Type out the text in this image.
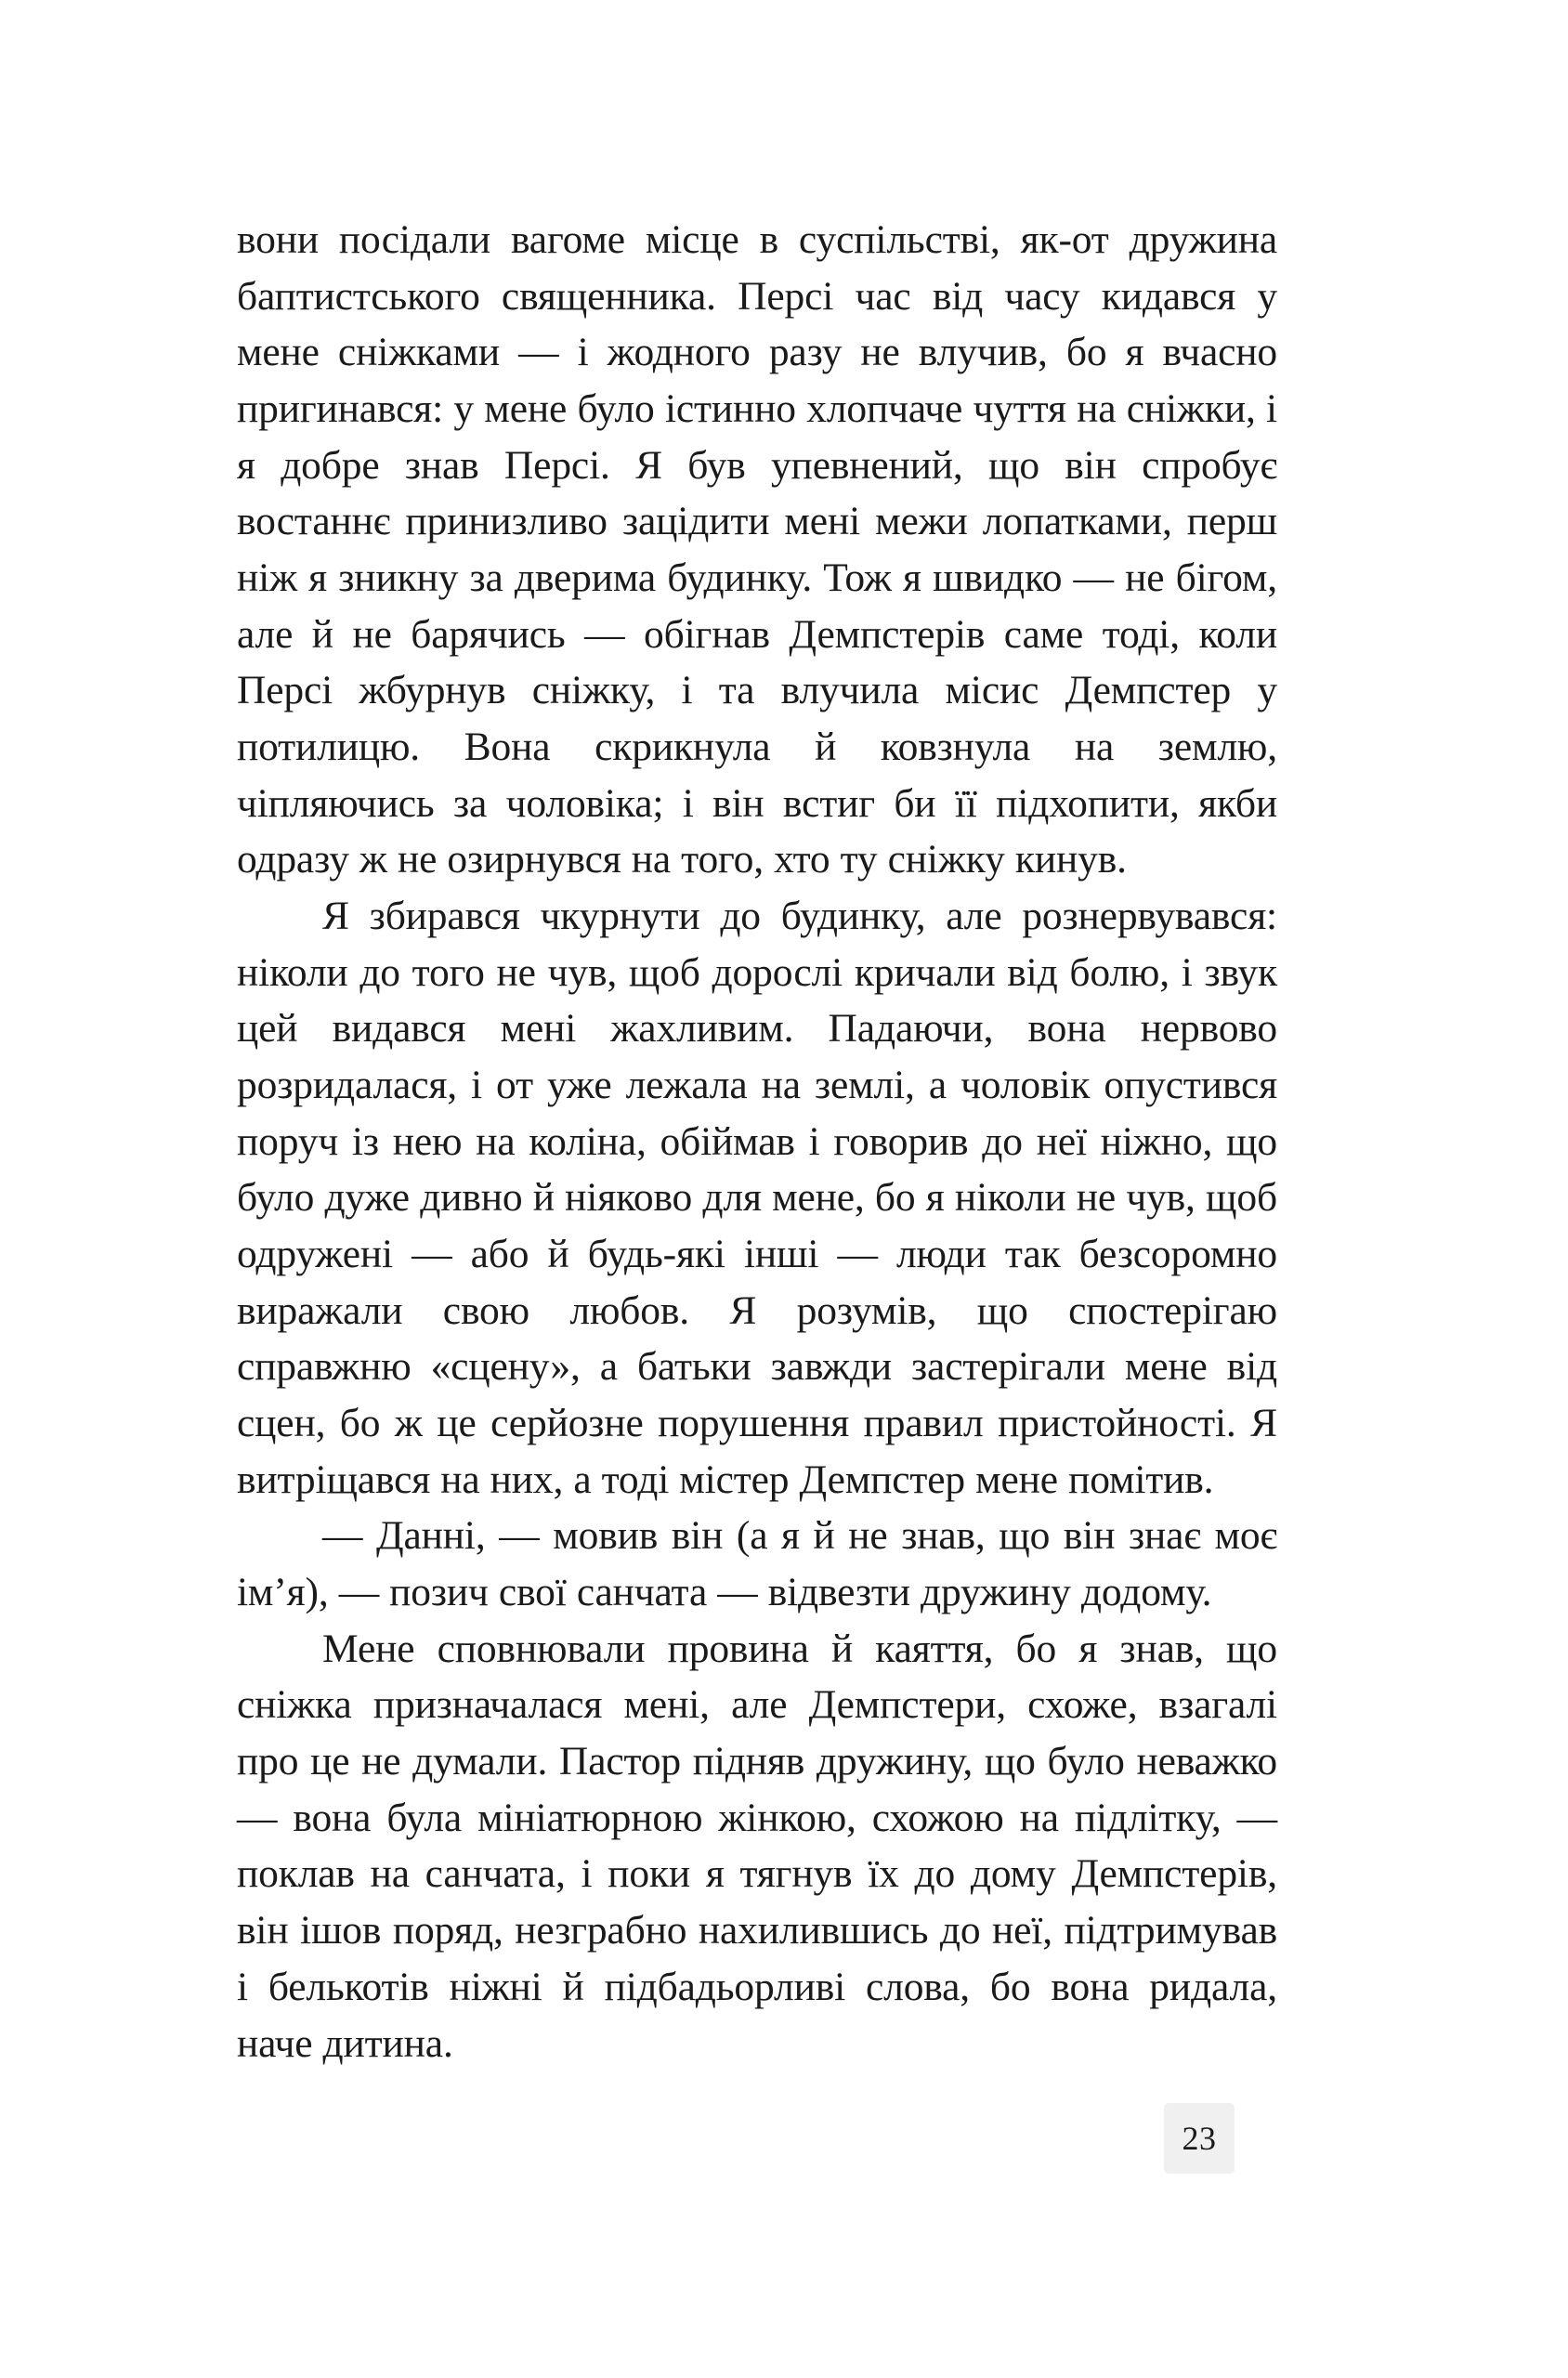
вони посідали вагоме місце в суспільстві, як-от дружина баптистського священника. Персі час від часу кидався у мене сніжками — і жодного разу не влучив, бо я вчасно пригинався: у мене було істинно хлопчаче чуття на сніжки, і я добре знав Персі. Я був упевнений, що він спробує востаннє принизливо зацідити мені межи лопатками, перш ніж я зникну за дверима будинку. Тож я швидко — не бігом, але й не барячись — обігнав Демпстерів саме тоді, коли Персі жбурнув сніжку, і та влучила місис Демпстер у потилицю. Вона скрикнула й ковзнула на землю, чіпляючись за чоловіка; і він встиг би її підхопити, якби одразу ж не озирнувся на того, хто ту сніжку кинув.

Я збирався чкурнути до будинку, але рознервувався: ніколи до того не чув, щоб дорослі кричали від болю, і звук цей видався мені жахливим. Падаючи, вона нервово розридалася, і от уже лежала на землі, а чоловік опустився поруч із нею на коліна, обіймав і говорив до неї ніжно, що було дуже дивно й ніяково для мене, бо я ніколи не чув, щоб одружені — або й будь-які інші — люди так безсоромно виражали свою любов. Я розумів, що спостерігаю справжню «сцену», а батьки завжди застерігали мене від сцен, бо ж це серйозне порушення правил пристойності. Я витріщався на них, а тоді містер Демпстер мене помітив.

— Данні, — мовив він (а я й не знав, що він знає моє ім’я), — позич свої санчата — відвезти дружину додому.

Мене сповнювали провина й каяття, бо я знав, що сніжка призначалася мені, але Демпстери, схоже, взагалі про це не думали. Пастор підняв дружину, що було неважко — вона була мініатюрною жінкою, схожою на підлітку, — поклав на санчата, і поки я тягнув їх до дому Демпстерів, він ішов поряд, незграбно нахилившись до неї, підтримував і белькотів ніжні й підбадьорливі слова, бо вона ридала, наче дитина.

23
